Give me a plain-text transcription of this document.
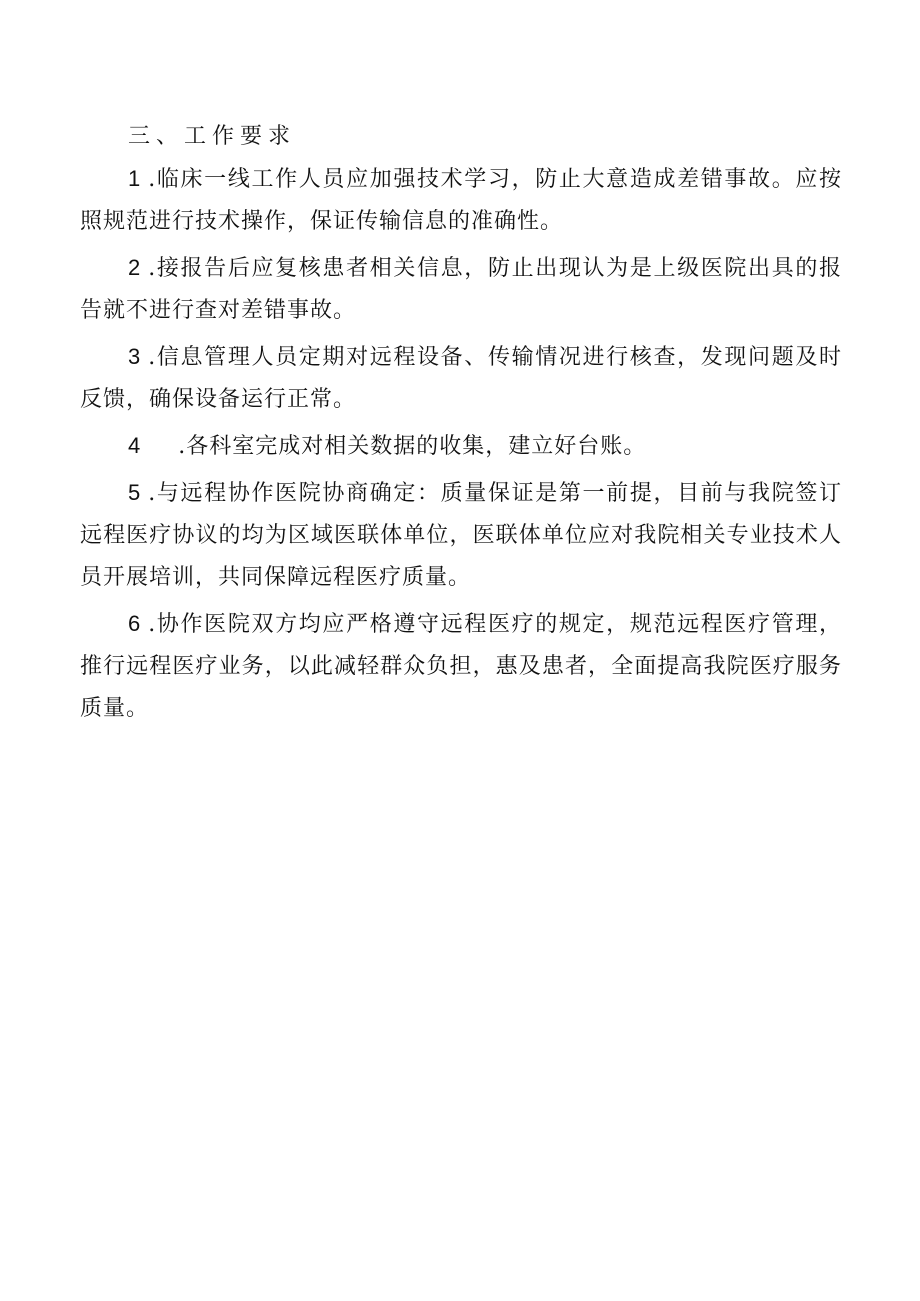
三、工作要求

1 .临床一线工作人员应加强技术学习，防止大意造成差错事故。应按照规范进行技术操作，保证传输信息的准确性。

2 .接报告后应复核患者相关信息，防止出现认为是上级医院出具的报告就不进行查对差错事故。

3 .信息管理人员定期对远程设备、传输情况进行核查，发现问题及时反馈，确保设备运行正常。

4 .各科室完成对相关数据的收集，建立好台账。

5 .与远程协作医院协商确定：质量保证是第一前提，目前与我院签订远程医疗协议的均为区域医联体单位，医联体单位应对我院相关专业技术人员开展培训，共同保障远程医疗质量。

6 .协作医院双方均应严格遵守远程医疗的规定，规范远程医疗管理，推行远程医疗业务，以此减轻群众负担，惠及患者，全面提高我院医疗服务质量。
